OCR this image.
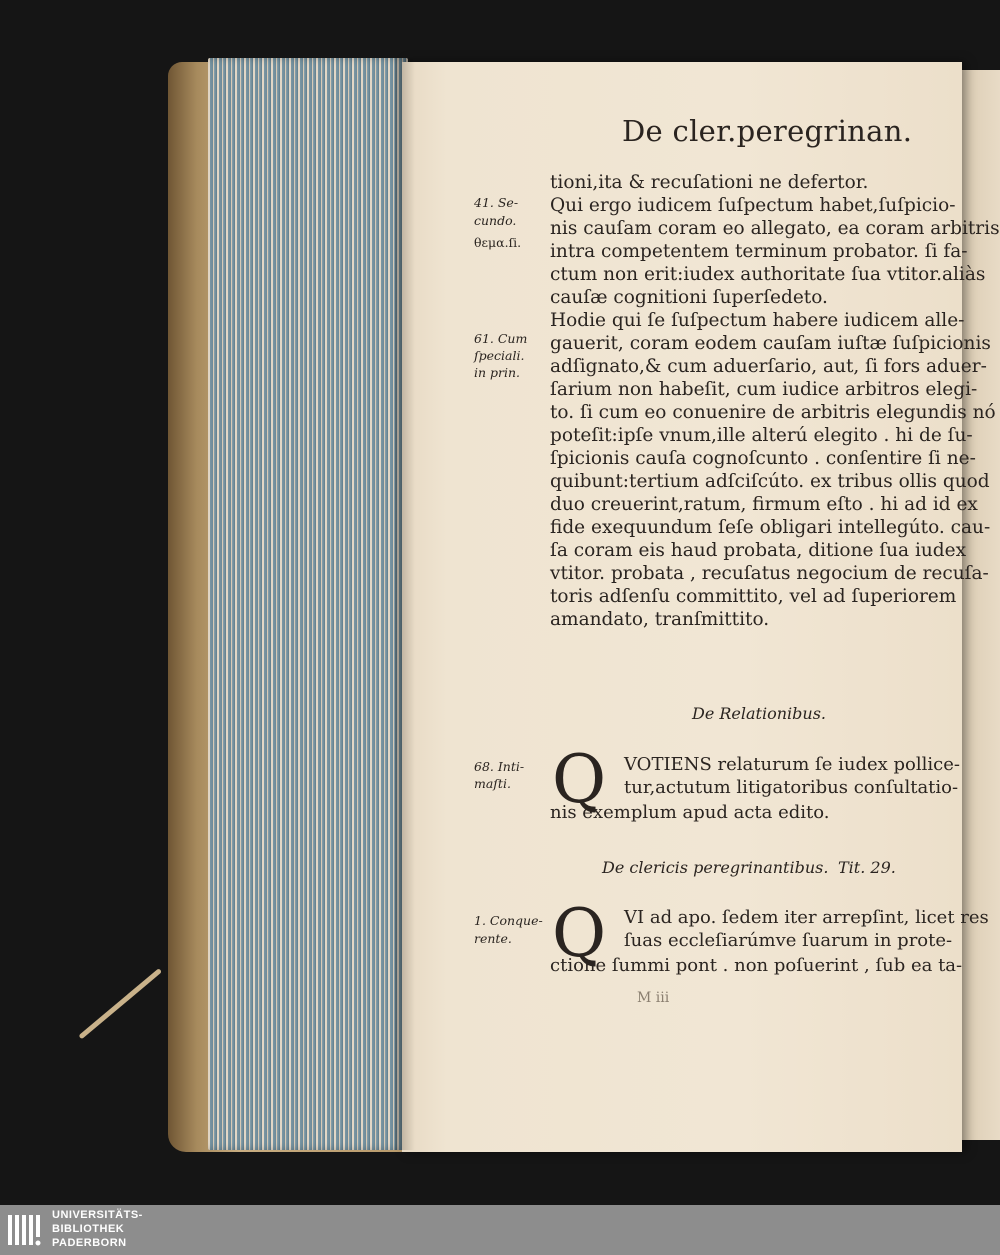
De cler.peregrinan.
41. Se-
cundo.
θεμα.ſi.
61. Cum
ſpeciali.
in prin.
68. Inti-
maſti.
1. Conque-
rente.
tioni,ita & recuſationi ne defertor.
Qui ergo iudicem ſuſpectum habet,ſuſpicio-
nis cauſam coram eo allegato, ea coram arbitris
intra competentem terminum probator. ſi fa-
ctum non erit:iudex authoritate ſua vtitor.aliàs
cauſæ cognitioni ſuperſedeto.
Hodie qui ſe ſuſpectum habere iudicem alle-
gauerit, coram eodem cauſam iuſtæ ſuſpicionis
adſignato,& cum aduerſario, aut, ſi fors aduer-
ſarium non habeſit, cum iudice arbitros elegi-
to. ſi cum eo conuenire de arbitris elegundis nó
poteſit:ipſe vnum,ille alterú elegito . hi de ſu-
ſpicionis cauſa cognoſcunto . conſentire ſi ne-
quibunt:tertium adſciſcúto. ex tribus ollis quod
duo creuerint,ratum, firmum eſto . hi ad id ex
fide exequundum ſeſe obligari intellegúto. cau-
ſa coram eis haud probata, ditione ſua iudex
vtitor. probata , recuſatus negocium de recuſa-
toris adſenſu committito, vel ad ſuperiorem
amandato, tranſmittito.
De Relationibus.
Q VOTIENS relaturum ſe iudex pollice-
tur,actutum litigatoribus conſultatio-
nis exemplum apud acta edito.
De clericis peregrinantibus. Tit. 29.
Q VI ad apo. ſedem iter arrepſint, licet res
ſuas eccleſiarúmve ſuarum in prote-
ctione ſummi pont . non poſuerint , ſub ea ta-
M iii
UNIVERSITÄTS-
BIBLIOTHEK
PADERBORN
